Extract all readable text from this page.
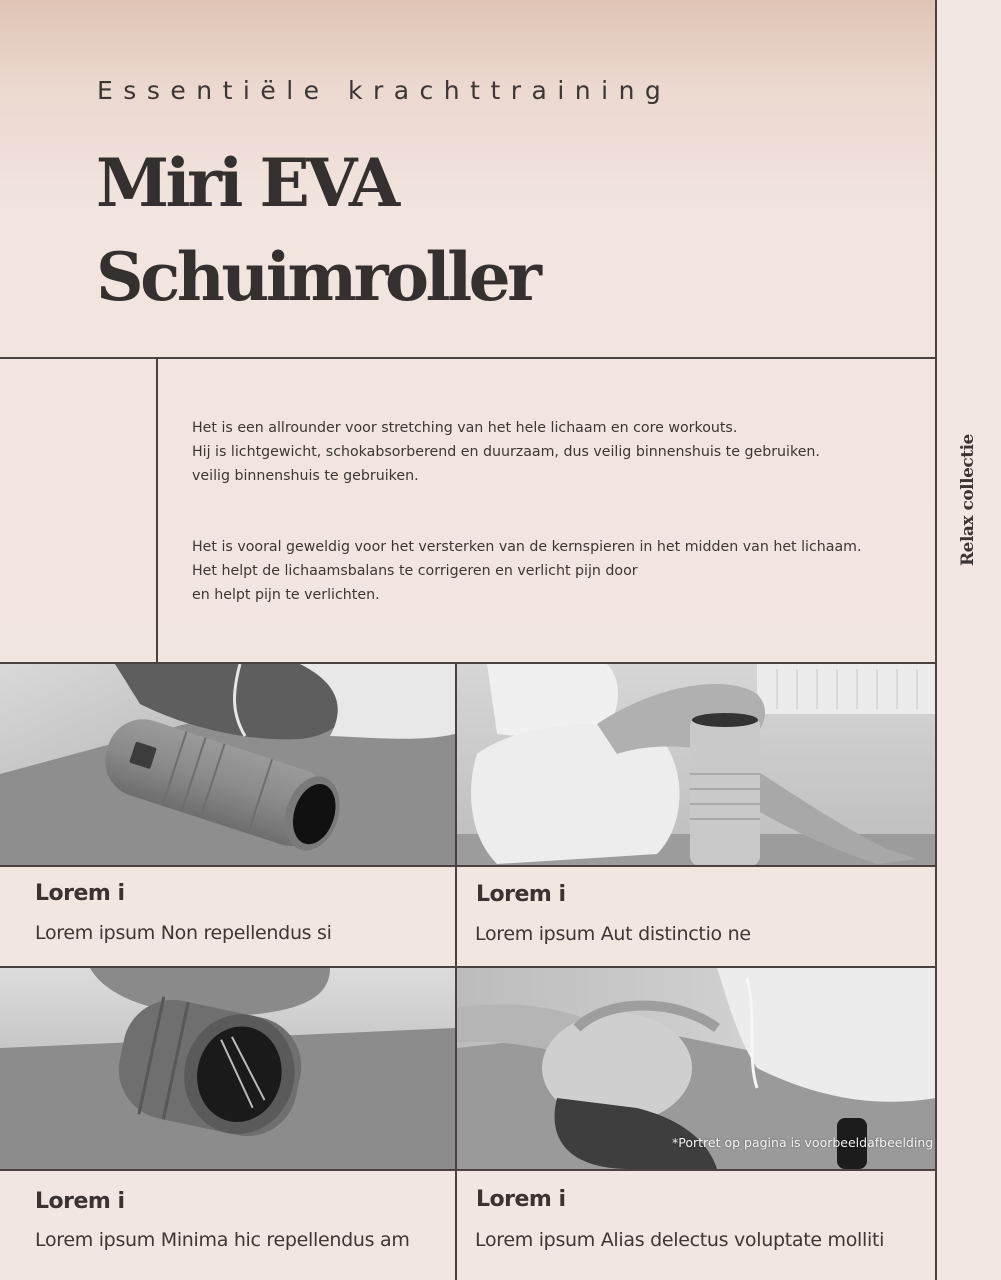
Essentiële krachttraining
Miri EVA
Schuimroller
Relax collectie

Het is een allrounder voor stretching van het hele lichaam en core workouts.

Hij is lichtgewicht, schokabsorberend en duurzaam, dus veilig binnenshuis te gebruiken.

veilig binnenshuis te gebruiken.

Het is vooral geweldig voor het versterken van de kernspieren in het midden van het lichaam.

Het helpt de lichaamsbalans te corrigeren en verlicht pijn door

en helpt pijn te verlichten.

*Portret op pagina is voorbeeldafbeelding
Lorem i
Lorem ipsum Non repellendus si
Lorem i
Lorem ipsum Aut distinctio ne
Lorem i
Lorem ipsum Minima hic repellendus am
Lorem i
Lorem ipsum Alias delectus voluptate molliti
